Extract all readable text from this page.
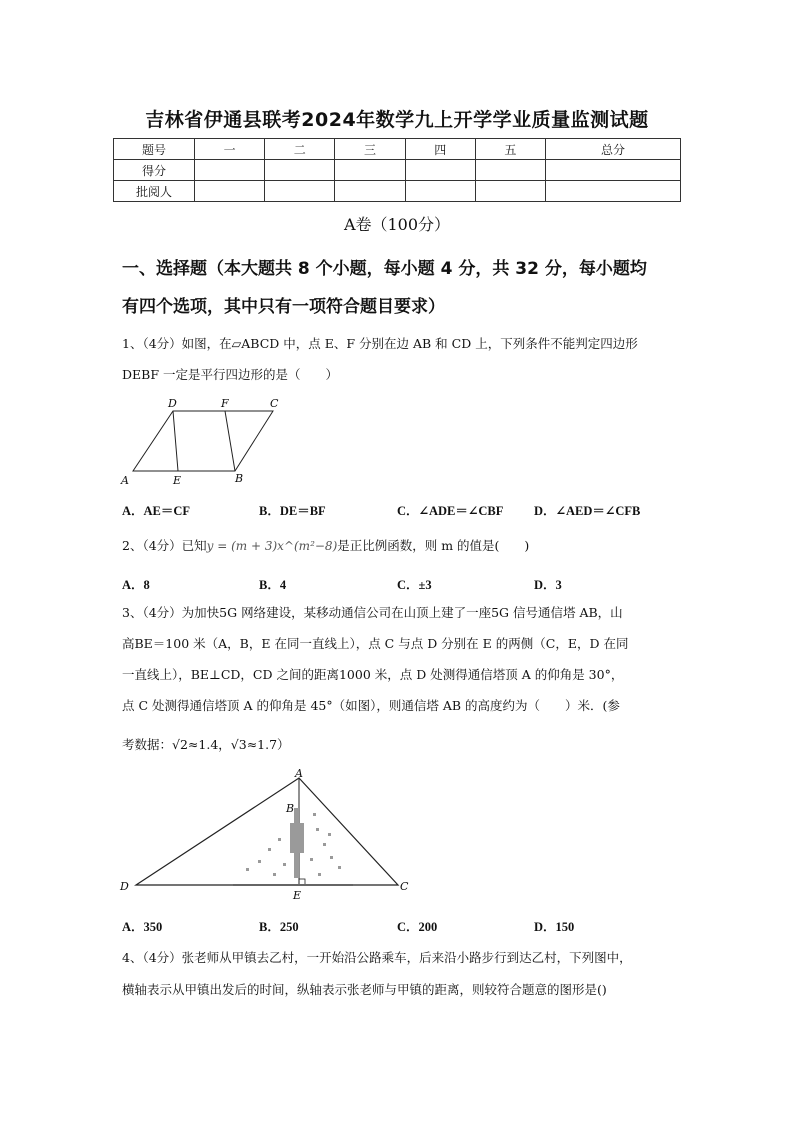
吉林省伊通县联考2024年数学九上开学学业质量监测试题
题号	一	二	三	四	五	总分
得分						
批阅人						
A卷（100分）
一、选择题（本大题共 8 个小题，每小题 4 分，共 32 分，每小题均
有四个选项，其中只有一项符合题目要求）
1、（4分）如图，在▱ABCD 中，点 E、F 分别在边 AB 和 CD 上，下列条件不能判定四边形
DEBF 一定是平行四边形的是（　　）
D	F	C
A	E	B
A．AE＝CF	B．DE＝BF	C．∠ADE＝∠CBF D．∠AED＝∠CFB
2、（4分）已知y = (m + 3)x^(m²−8)是正比例函数，则 m 的值是(　　)
A．8	B．4	C．±3	D．3
3、（4分）为加快5G 网络建设，某移动通信公司在山顶上建了一座5G 信号通信塔 AB，山
高BE＝100 米（A，B，E 在同一直线上），点 C 与点 D 分别在 E 的两侧（C，E，D 在同
一直线上），BE⊥CD，CD 之间的距离1000 米，点 D 处测得通信塔顶 A 的仰角是 30°，
点 C 处测得通信塔顶 A 的仰角是 45°（如图），则通信塔 AB 的高度约为（　　）米．(参
考数据：√2≈1.4，√3≈1.7）
A
B
D
E
C
A．350	B．250	C．200	D．150
4、（4分）张老师从甲镇去乙村，一开始沿公路乘车，后来沿小路步行到达乙村，下列图中，
横轴表示从甲镇出发后的时间，纵轴表示张老师与甲镇的距离，则较符合题意的图形是()
